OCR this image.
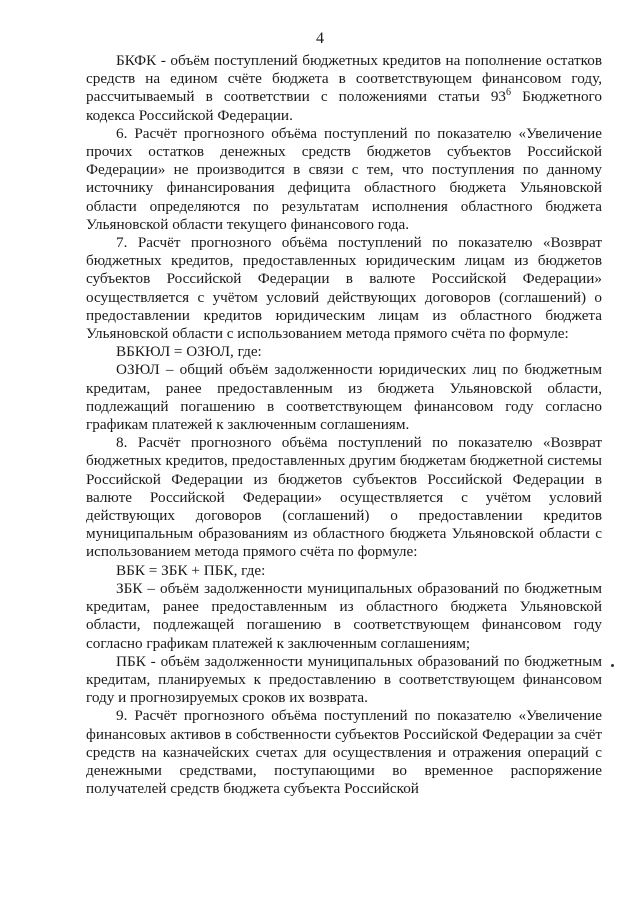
4

БКФК - объём поступлений бюджетных кредитов на пополнение остатков средств на едином счёте бюджета в соответствующем финансовом году, рассчитываемый в соответствии с положениями статьи $93^6$ Бюджетного кодекса Российской Федерации.

6. Расчёт прогнозного объёма поступлений по показателю «Увеличение прочих остатков денежных средств бюджетов субъектов Российской Федерации» не производится в связи с тем, что поступления по данному источнику финансирования дефицита областного бюджета Ульяновской области определяются по результатам исполнения областного бюджета Ульяновской области текущего финансового года.

7. Расчёт прогнозного объёма поступлений по показателю «Возврат бюджетных кредитов, предоставленных юридическим лицам из бюджетов субъектов Российской Федерации в валюте Российской Федерации» осуществляется с учётом условий действующих договоров (соглашений) о предоставлении кредитов юридическим лицам из областного бюджета Ульяновской области с использованием метода прямого счёта по формуле:

ВБКЮЛ = ОЗЮЛ, где:

ОЗЮЛ – общий объём задолженности юридических лиц по бюджетным кредитам, ранее предоставленным из бюджета Ульяновской области, подлежащий погашению в соответствующем финансовом году согласно графикам платежей к заключенным соглашениям.

8. Расчёт прогнозного объёма поступлений по показателю «Возврат бюджетных кредитов, предоставленных другим бюджетам бюджетной системы Российской Федерации из бюджетов субъектов Российской Федерации в валюте Российской Федерации» осуществляется с учётом условий действующих договоров (соглашений) о предоставлении кредитов муниципальным образованиям из областного бюджета Ульяновской области с использованием метода прямого счёта по формуле:

ВБК = ЗБК + ПБК, где:

ЗБК – объём задолженности муниципальных образований по бюджетным кредитам, ранее предоставленным из областного бюджета Ульяновской области, подлежащей погашению в соответствующем финансовом году согласно графикам платежей к заключенным соглашениям;

ПБК - объём задолженности муниципальных образований по бюджетным кредитам, планируемых к предоставлению в соответствующем финансовом году и прогнозируемых сроков их возврата.

9. Расчёт прогнозного объёма поступлений по показателю «Увеличение финансовых активов в собственности субъектов Российской Федерации за счёт средств на казначейских счетах для осуществления и отражения операций с денежными средствами, поступающими во временное распоряжение получателей средств бюджета субъекта Российской
